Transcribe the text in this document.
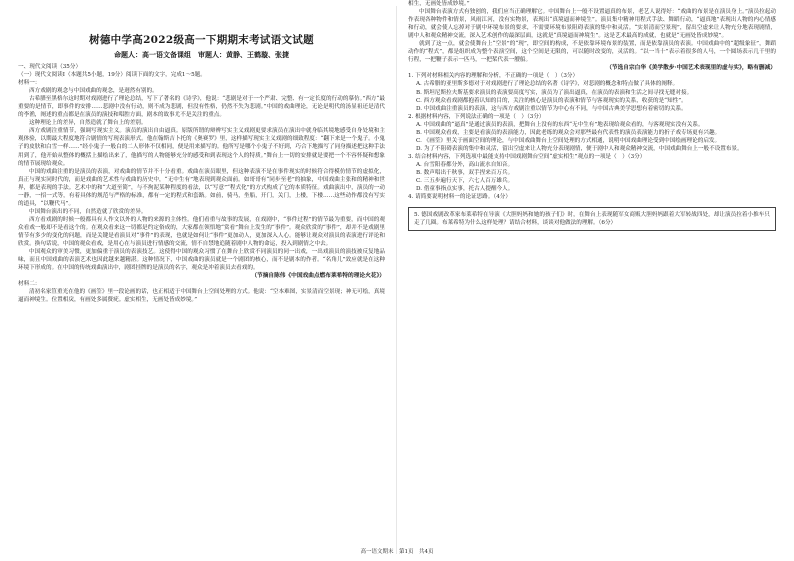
树德中学高2022级高一下期期末考试语文试题
命题人：高一语文备课组　审题人：黄静、王鹤璇、张捷

一、现代文阅读（35分）

（一）现代文阅读Ⅰ（本题共5小题，19分）阅读下面的文字，完成1～5题。

材料一：

西方戏剧的观念与中国戏曲的观念，是迥然有别的。

古希腊至黑格尔这时期对戏剧进行了理论总结，写下了著名的《诗学》，他说：“悲剧是对于一个严肃、完整、有一定长度的行动的摹仿。”西方“最重要的是情节，即事件的安排……悲剧中没有行动，则不成为悲剧，但没有性格，仍然不失为悲剧。”中国的戏曲理论，无论是明代的汤显祖还是清代的李渔，阐述的重点都是在演员的演技和唱腔方面，剧本的故事尤不是关注的重点。

这种理论上的差异，自然造就了舞台上的差别。

西方戏剧注重情节，强调写现实主义。演员的演出自由逼真。原版所谓的辩辨写实主义戏剧更要求演员在演出中就身临其境地感受自身处境和主观体验，以期最大程度地符合剧情的写现表演形式。他在翰斯吉卜托的《奥赛罗》里，这样描写现实主义戏剧的细致程度：“翻下来是一个鬼子。小鬼子的皮肤和白雪一样……”经小鬼子一般白的二人形体不仅相同，便是用来描写的。他所写是哪个小鬼子不好到，巧合下地描写了同身描述把这种手法用到了，他开始从整体的概括上描绘出来了，他描写的人物能够充分的感受和到表现这个人的特质。”舞台上一切的安排就是要把一个不容怀疑和想象的情节展现给观众。

中国的戏曲注重的是演员的表演，对戏曲的情节并不十分看重。戏曲在演员眼里，但这种表演不是在事件现实的时候符合得模仿情节的虚拟化，真正与现实同时代的，而是戏曲的艺术性与戏曲的历史中，“无中生有”地表现到观众面前。如哥哥有“同步至老”的抽象，中国戏曲主张和的精神和世界，都是表现的手法。艺术中的和“大道至简”，与不拘泥某种程度的看法，以“写意”“程式化”的方式构成了它的本质特征。戏曲演出中，演员的一动一静，一招一式等，有着具体的规范与严格的标准，都有一定的程式和套路。如前，骑马，坐船，开门，关门，上楼，下楼……这些动作都没有写实的道具，“以鞭代马”。

中国舞台演出的不同，自然造就了欣赏的差异。

西方看戏剧的时候一般都具有人作文以外的人物的来源的主体性。他们看重与故事的发展，在戏剧中，“事件过程”的情节最为重要，而中国的观众看戏一般却不是看这个的。在观众看来这一切都是约定俗成的，大家都在领悟地“赏看”舞台上发生的“事件”。观众欣赏的“事件”，却并不是戏剧里情节有多少的变化的问题，而是关键是看演员对“事件”的表现，也就是如何让“事件”更加动人，更加深入人心。能够让观众对演员的表演进行评论和欣赏。换句话说，中国的观众看戏，是用心在与演员进行情感的交流，情不自禁地追随着剧中人物的命运，投入到剧情之中去。

中国观众的审美习惯，更加偏重于演员的表演技艺。这使得中国的观众习惯了在舞台上欣赏不同演员的同一出戏，一出戏演员的演技被反复地品味，而且中国戏曲的表演艺术也因此越来越精湛。这种情况下，中国戏曲的演员就是一个剧团的核心，而不是剧本的作者。“名角儿”效应就是在这种环境下形成的。在中国的传统戏曲演出中，剧团挂牌的是演员的名字，观众是冲着演员去看戏的。

（节摘自陈伟《中国戏曲点燃布莱希特的理论火花》）

材料二：

清初名家笪重光在他的《画筌》里一段论画的话，也正相适于中国舞台上空间处理的方式。他说：“空本难图，实景清而空景现；神无可绘，真境逼而神境生。位置相戾，有画处多属赘疣。虚实相生，无画处皆成妙境。”

相生，无画处皆成妙境。”

中国舞台表演方式有独创的，我们应当正确理解它。中国舞台上一般不设置逼真的布景，老艺人说得好：“戏曲的布景是在演员身上。”演员拉起动作表现各种物件和情景，风雨江河，没有实物景，表现出“真境逼而神境生”。演员集中精神用程式手法、舞蹈行动，“逼真地”表现出人物的内心情感和行动，就会使人忘掉对于剧中环境布景的要求，不需要环境布景阻碍表演的集中和灵活。“实景清而空景现”，留出空虚来让人物充分地表现剧情，剧中人和观众精神交流，深入艺术创作的最深层面，这就是“真境逼而神境生”。这是艺术最高的成就，也就是“无画处皆成妙境”。

就到了这一点，就会使舞台上“空景”的“现”，即空间的构成，不是依靠环境布景的装置，而是依靠演员的表演。中国戏曲中的“超级象征”，舞蹈动作的“程式”，都是组织成为整个表演空间，这个空间是无限的，可以随时改变的，灵活的。“以一当十”表示着很多的人马，一个圆场表示几千里的行程，一把鞭子表示一匹马，一把桨代表一艘船。

（节选自宗白华《美学散步·中国艺术表现里的虚与实》，略有删减）

1. 下列对材料相关内容的理解和分析，不正确的一项是（　）（3分）

A. 古希腊的亚里斯多德对于对戏剧进行了理论总结的名著《诗学》，对悲剧的概念和特点做了具体的阐释。

B. 斯坦尼斯拉夫斯基要求演员的表演要高度写实，演员为了演出逼真，在演员的表演和生活之间寻找无缝对接。

C. 西方观众看戏剧都抱着认知的目的，关注的核心是演员的表演和情节与客观现实的关系，收获的是“知性”。

D. 中国戏曲注重演员的表演，这与西方戏剧注重以情节为中心有不同，与中国古典美学思想有着密切的关系。

2. 根据材料内容，下列说法正确的一项是（　）（3分）

A. 中国戏曲的“逼真”是通过演员的表演，把舞台上没有的东西“无中生有”地表现给观众看的，与客观现实没有关系。

B. 中国观众看戏，主要是看演员的表演能力，因此老练的观众会对那些最有代表性的演员表演能力的折子戏专场更有兴趣。

C. 《画筌》里关于画面空间的理论，与中国戏曲舞台上空间处理的方式相通，说明中国戏曲理论受到中国绘画理论的启发。

D. 为了不阻碍表演的集中和灵活，留出空虚来让人物充分表现剧情，便于剧中人和观众精神交流，中国戏曲舞台上一般不设置布景。

3. 结合材料内容，下列选项中最能支持中国戏剧舞台空间“虚实相生”观点的一项是（　）（3分）

A. 台雪阳春都分外，高山流水自知音。

B. 数声唱出千秋事，双手捏来百万兵。

C. 三五步遍行天下，六七人百万雄兵。

D. 借童事指点实事，托古人提醒今人。

4. 请简要说明材料一的论证思路。（4分）

5. 德国戏剧改革家布莱希特在导演《大胆妈妈和她的孩子们》时，在舞台上表现随军女商贩大胆妈妈跟着大军转战四处，却让演员拉着小推车只走了几圈。布莱希特为什么这样处理？请结合材料，谈谈对他做法的理解。（6分）

高一语文期末　第1页　共4页
